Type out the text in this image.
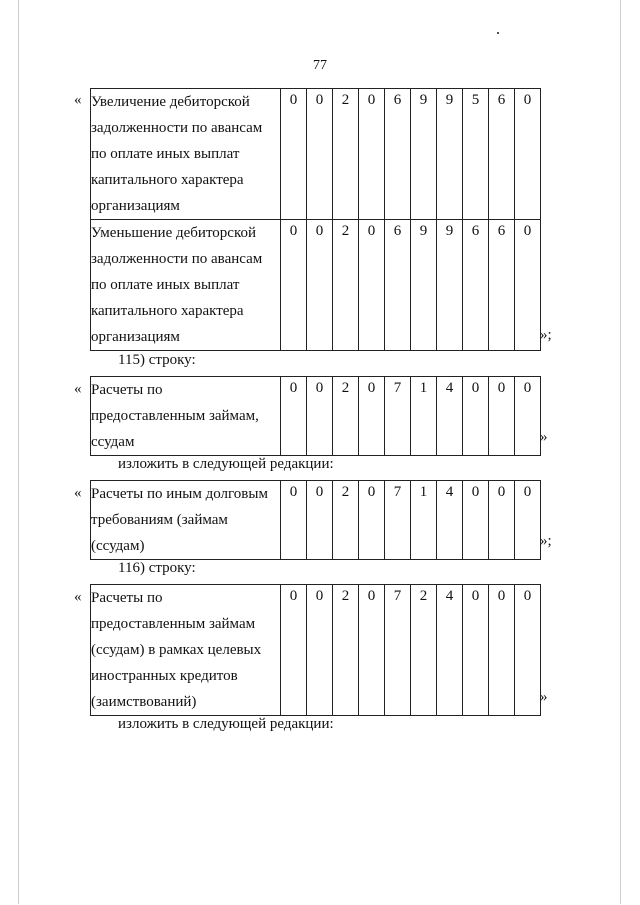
77
« Увеличение дебиторской задолженности по авансам по оплате иных выплат капитального характера организациям	0	0	2	0	6	9	9	5	6	0
Уменьшение дебиторской задолженности по авансам по оплате иных выплат капитального характера организациям	0	0	2	0	6	9	9	6	6	0
»;
115) строку:
« Расчеты по предоставленным займам, ссудам	0	0	2	0	7	1	4	0	0	0
»
изложить в следующей редакции:
« Расчеты по иным долговым требованиям (займам (ссудам)	0	0	2	0	7	1	4	0	0	0
»;
116) строку:
« Расчеты по предоставленным займам (ссудам) в рамках целевых иностранных кредитов (заимствований)	0	0	2	0	7	2	4	0	0	0
»
изложить в следующей редакции:
